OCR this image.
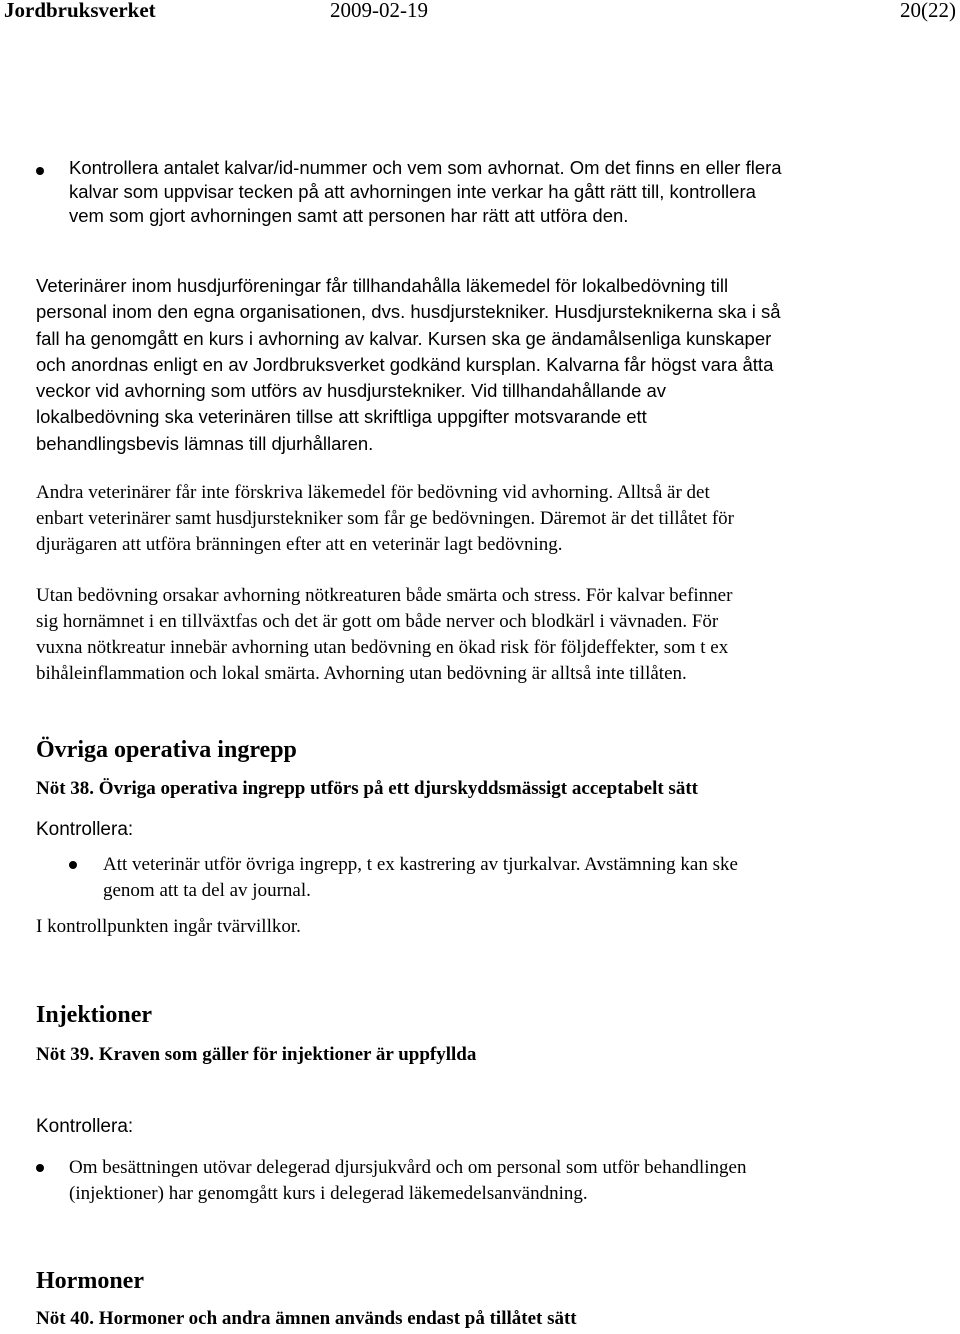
Jordbruksverket	2009-02-19	20(22)
Kontrollera antalet kalvar/id-nummer och vem som avhornat. Om det finns en eller flera
kalvar som uppvisar tecken på att avhorningen inte verkar ha gått rätt till, kontrollera
vem som gjort avhorningen samt att personen har rätt att utföra den.
Veterinärer inom husdjurföreningar får tillhandahålla läkemedel för lokalbedövning till
personal inom den egna organisationen, dvs. husdjurstekniker. Husdjursteknikerna ska i så
fall ha genomgått en kurs i avhorning av kalvar. Kursen ska ge ändamålsenliga kunskaper
och anordnas enligt en av Jordbruksverket godkänd kursplan. Kalvarna får högst vara åtta
veckor vid avhorning som utförs av husdjurstekniker. Vid tillhandahållande av
lokalbedövning ska veterinären tillse att skriftliga uppgifter motsvarande ett
behandlingsbevis lämnas till djurhållaren.
Andra veterinärer får inte förskriva läkemedel för bedövning vid avhorning. Alltså är det
enbart veterinärer samt husdjurstekniker som får ge bedövningen. Däremot är det tillåtet för
djurägaren att utföra bränningen efter att en veterinär lagt bedövning.
Utan bedövning orsakar avhorning nötkreaturen både smärta och stress. För kalvar befinner
sig hornämnet i en tillväxtfas och det är gott om både nerver och blodkärl i vävnaden. För
vuxna nötkreatur innebär avhorning utan bedövning en ökad risk för följdeffekter, som t ex
bihåleinflammation och lokal smärta. Avhorning utan bedövning är alltså inte tillåten.
Övriga operativa ingrepp
Nöt 38. Övriga operativa ingrepp utförs på ett djurskyddsmässigt acceptabelt sätt
Kontrollera:
Att veterinär utför övriga ingrepp, t ex kastrering av tjurkalvar. Avstämning kan ske
genom att ta del av journal.
I kontrollpunkten ingår tvärvillkor.
Injektioner
Nöt 39. Kraven som gäller för injektioner är uppfyllda
Kontrollera:
Om besättningen utövar delegerad djursjukvård och om personal som utför behandlingen
(injektioner) har genomgått kurs i delegerad läkemedelsanvändning.
Hormoner
Nöt 40. Hormoner och andra ämnen används endast på tillåtet sätt
